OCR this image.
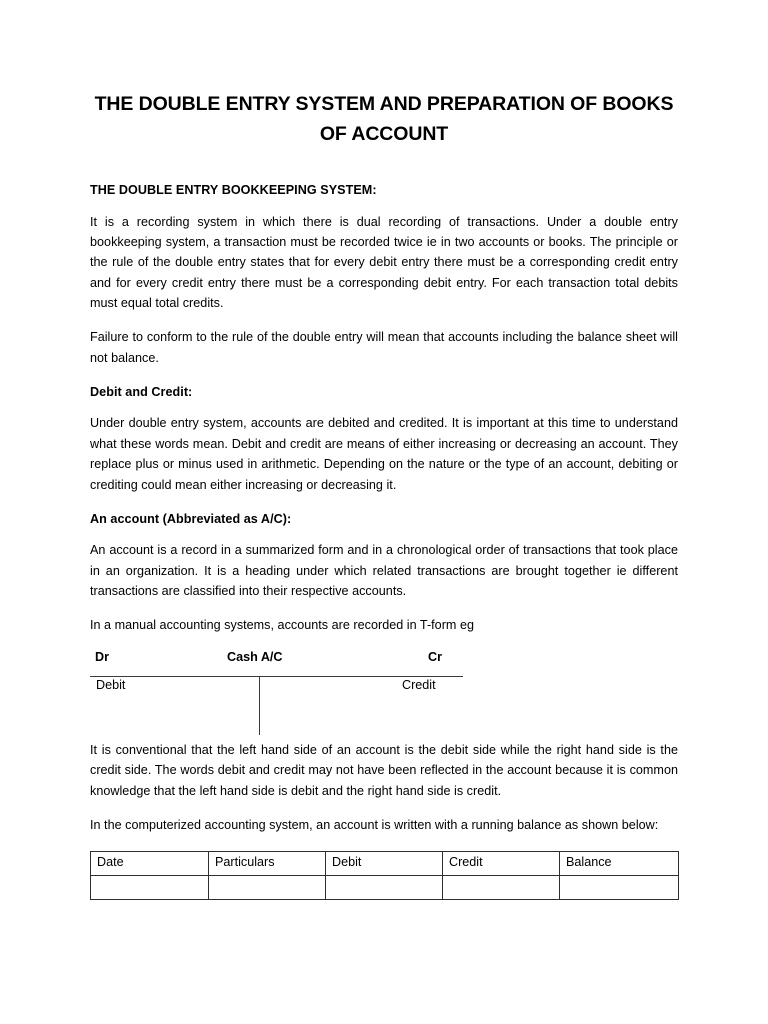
THE DOUBLE ENTRY SYSTEM AND PREPARATION OF BOOKS OF ACCOUNT
THE DOUBLE ENTRY BOOKKEEPING SYSTEM:

It is a recording system in which there is dual recording of transactions. Under a double entry bookkeeping system, a transaction must be recorded twice ie in two accounts or books. The principle or the rule of the double entry states that for every debit entry there must be a corresponding credit entry and for every credit entry there must be a corresponding debit entry. For each transaction total debits must equal total credits.

Failure to conform to the rule of the double entry will mean that accounts including the balance sheet will not balance.

Debit and Credit:

Under double entry system, accounts are debited and credited. It is important at this time to understand what these words mean. Debit and credit are means of either increasing or decreasing an account. They replace plus or minus used in arithmetic. Depending on the nature or the type of an account, debiting or crediting could mean either increasing or decreasing it.

An account (Abbreviated as A/C):

An account is a record in a summarized form and in a chronological order of transactions that took place in an organization. It is a heading under which related transactions are brought together ie different transactions are classified into their respective accounts.

In a manual accounting systems, accounts are recorded in T-form eg

Dr	Cash A/C	Cr
Debit	Credit

It is conventional that the left hand side of an account is the debit side while the right hand side is the credit side. The words debit and credit may not have been reflected in the account because it is common knowledge that the left hand side is debit and the right hand side is credit.

In the computerized accounting system, an account is written with a running balance as shown below:

Date	Particulars	Debit	Credit	Balance
